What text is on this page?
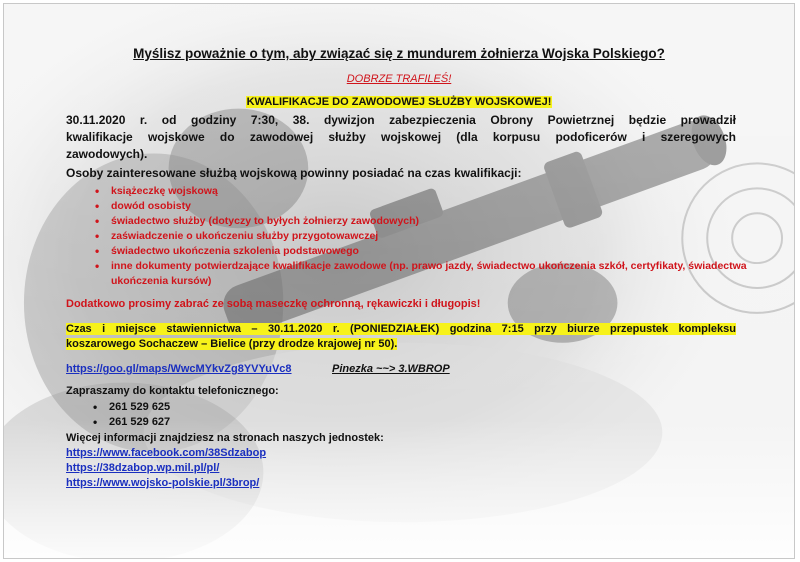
Myślisz poważnie o tym, aby związać się z mundurem żołnierza Wojska Polskiego?
DOBRZE TRAFILEŚ!
KWALIFIKACJE DO ZAWODOWEJ SŁUŻBY WOJSKOWEJ!
30.11.2020 r. od godziny 7:30, 38. dywizjon zabezpieczenia Obrony Powietrznej będzie prowadził
kwalifikacje wojskowe do zawodowej służby wojskowej (dla korpusu podoficerów i szeregowych
zawodowych).
Osoby zainteresowane służbą wojskową powinny posiadać na czas kwalifikacji:
• książeczkę wojskową
• dowód osobisty
• świadectwo służby (dotyczy to byłych żołnierzy zawodowych)
• zaświadczenie o ukończeniu służby przygotowawczej
• świadectwo ukończenia szkolenia podstawowego
• inne dokumenty potwierdzające kwalifikacje zawodowe (np. prawo jazdy, świadectwo ukończenia szkół, certyfikaty, świadectwa ukończenia kursów)
Dodatkowo prosimy zabrać ze sobą maseczkę ochronną, rękawiczki i długopis!
Czas i miejsce stawiennictwa – 30.11.2020 r. (PONIEDZIAŁEK) godzina 7:15 przy biurze przepustek kompleksu
koszarowego Sochaczew – Bielice (przy drodze krajowej nr 50).
https://goo.gl/maps/WwcMYkvZg8YVYuVc8	Pinezka ~~> 3.WBROP
Zapraszamy do kontaktu telefonicznego:
• 261 529 625
• 261 529 627
Więcej informacji znajdziesz na stronach naszych jednostek:
https://www.facebook.com/38Sdzabop
https://38dzabop.wp.mil.pl/pl/
https://www.wojsko-polskie.pl/3brop/
